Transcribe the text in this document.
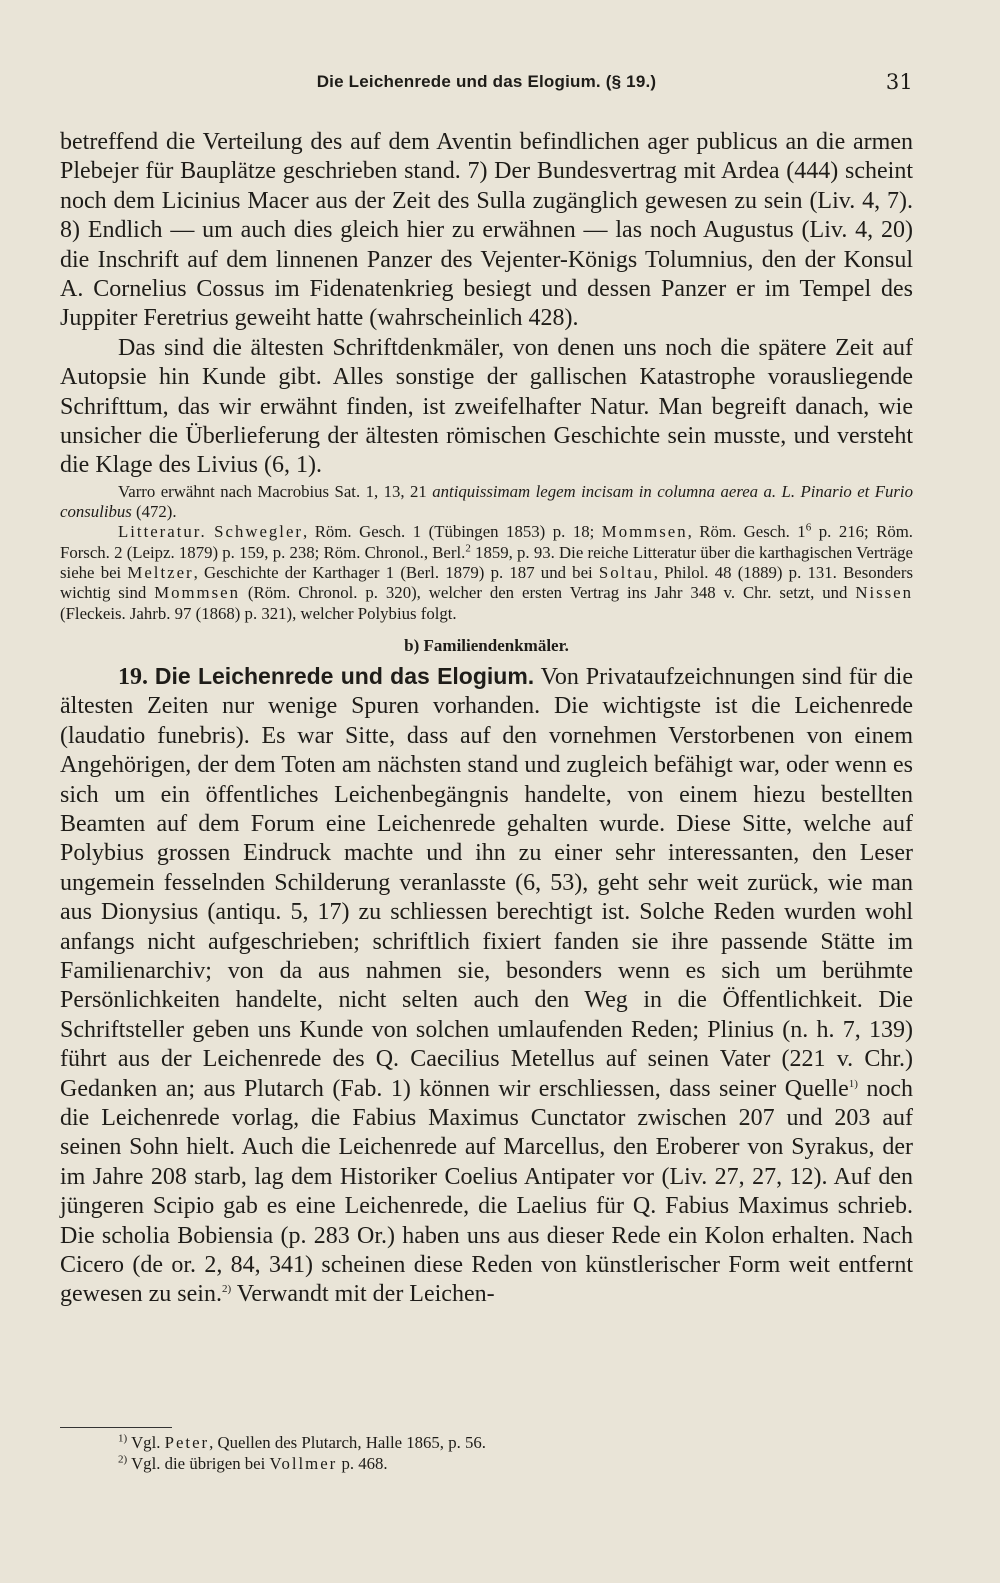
Die Leichenrede und das Elogium. (§ 19.)	31

betreffend die Verteilung des auf dem Aventin befindlichen ager publicus an die armen Plebejer für Bauplätze geschrieben stand. 7) Der Bundesvertrag mit Ardea (444) scheint noch dem Licinius Macer aus der Zeit des Sulla zugänglich gewesen zu sein (Liv. 4, 7). 8) Endlich — um auch dies gleich hier zu erwähnen — las noch Augustus (Liv. 4, 20) die Inschrift auf dem linnenen Panzer des Vejenter-Königs Tolumnius, den der Konsul A. Cornelius Cossus im Fidenatenkrieg besiegt und dessen Panzer er im Tempel des Juppiter Feretrius geweiht hatte (wahrscheinlich 428).

Das sind die ältesten Schriftdenkmäler, von denen uns noch die spätere Zeit auf Autopsie hin Kunde gibt. Alles sonstige der gallischen Katastrophe vorausliegende Schrifttum, das wir erwähnt finden, ist zweifelhafter Natur. Man begreift danach, wie unsicher die Überlieferung der ältesten römischen Geschichte sein musste, und versteht die Klage des Livius (6, 1).

Varro erwähnt nach Macrobius Sat. 1, 13, 21 antiquissimam legem incisam in columna aerea a. L. Pinario et Furio consulibus (472).

Litteratur. Schwegler, Röm. Gesch. 1 (Tübingen 1853) p. 18; Mommsen, Röm. Gesch. $1^6$ p. 216; Röm. Forsch. 2 (Leipz. 1879) p. 159, p. 238; Röm. Chronol., Berl.$^2$ 1859, p. 93. Die reiche Litteratur über die karthagischen Verträge siehe bei Meltzer, Geschichte der Karthager 1 (Berl. 1879) p. 187 und bei Soltau, Philol. 48 (1889) p. 131. Besonders wichtig sind Mommsen (Röm. Chronol. p. 320), welcher den ersten Vertrag ins Jahr 348 v. Chr. setzt, und Nissen (Fleckeis. Jahrb. 97 (1868) p. 321), welcher Polybius folgt.

b) Familiendenkmäler.

19. Die Leichenrede und das Elogium. Von Privataufzeichnungen sind für die ältesten Zeiten nur wenige Spuren vorhanden. Die wichtigste ist die Leichenrede (laudatio funebris). Es war Sitte, dass auf den vornehmen Verstorbenen von einem Angehörigen, der dem Toten am nächsten stand und zugleich befähigt war, oder wenn es sich um ein öffentliches Leichenbegängnis handelte, von einem hiezu bestellten Beamten auf dem Forum eine Leichenrede gehalten wurde. Diese Sitte, welche auf Polybius grossen Eindruck machte und ihn zu einer sehr interessanten, den Leser ungemein fesselnden Schilderung veranlasste (6, 53), geht sehr weit zurück, wie man aus Dionysius (antiqu. 5, 17) zu schliessen berechtigt ist. Solche Reden wurden wohl anfangs nicht aufgeschrieben; schriftlich fixiert fanden sie ihre passende Stätte im Familienarchiv; von da aus nahmen sie, besonders wenn es sich um berühmte Persönlichkeiten handelte, nicht selten auch den Weg in die Öffentlichkeit. Die Schriftsteller geben uns Kunde von solchen umlaufenden Reden; Plinius (n. h. 7, 139) führt aus der Leichenrede des Q. Caecilius Metellus auf seinen Vater (221 v. Chr.) Gedanken an; aus Plutarch (Fab. 1) können wir erschliessen, dass seiner Quelle$^{1)}$ noch die Leichenrede vorlag, die Fabius Maximus Cunctator zwischen 207 und 203 auf seinen Sohn hielt. Auch die Leichenrede auf Marcellus, den Eroberer von Syrakus, der im Jahre 208 starb, lag dem Historiker Coelius Antipater vor (Liv. 27, 27, 12). Auf den jüngeren Scipio gab es eine Leichenrede, die Laelius für Q. Fabius Maximus schrieb. Die scholia Bobiensia (p. 283 Or.) haben uns aus dieser Rede ein Kolon erhalten. Nach Cicero (de or. 2, 84, 341) scheinen diese Reden von künstlerischer Form weit entfernt gewesen zu sein.$^{2)}$ Verwandt mit der Leichen-

$^{1)}$ Vgl. Peter, Quellen des Plutarch, Halle 1865, p. 56.
$^{2)}$ Vgl. die übrigen bei Vollmer p. 468.
